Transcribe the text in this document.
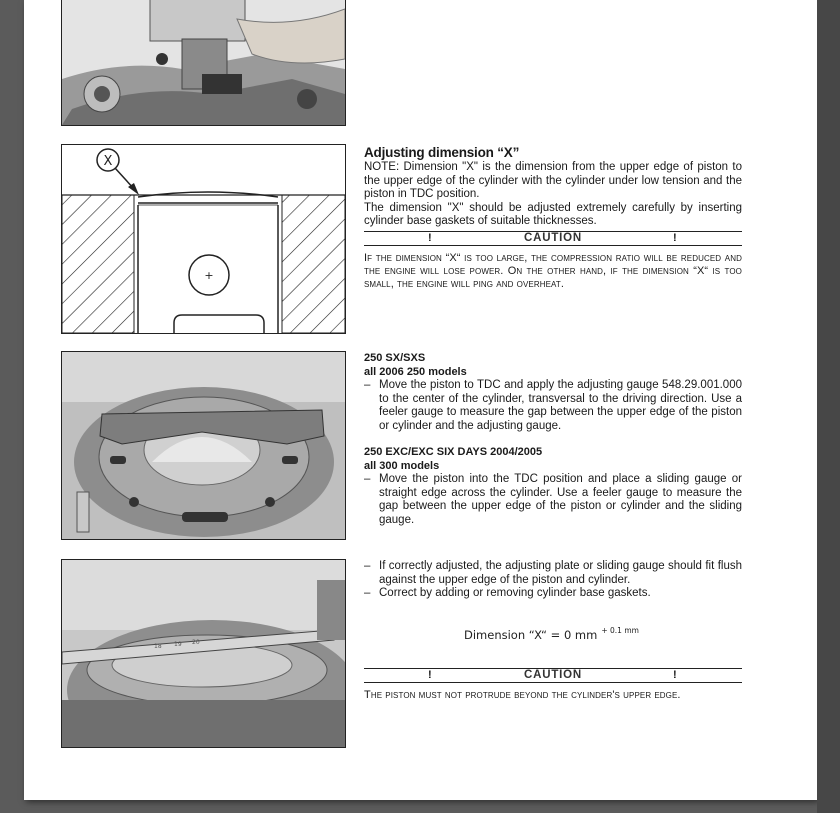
+
X
18 19 20
Adjusting dimension “X”
NOTE: Dimension "X" is the dimension from the upper edge of piston to the upper edge of the cylinder with the cylinder under low tension and the piston in TDC position.
The dimension "X" should be adjusted extremely carefully by inserting cylinder base gaskets of suitable thicknesses.
!	CAUTION	!
If the dimension “X“ is too large, the compression ratio will be reduced and the engine will lose power. On the other hand, if the dimension “X“ is too small, the engine will ping and overheat.
250 SX/SXS
all 2006 250 models
– Move the piston to TDC and apply the adjusting gauge 548.29.001.000 to the center of the cylinder, transversal to the driving direction. Use a feeler gauge to measure the gap between the upper edge of the piston or cylinder and the adjusting gauge.
250 EXC/EXC SIX DAYS 2004/2005
all 300 models
– Move the piston into the TDC position and place a sliding gauge or straight edge across the cylinder. Use a feeler gauge to measure the gap between the upper edge of the piston or cylinder and the sliding gauge.
– If correctly adjusted, the adjusting plate or sliding gauge should fit flush against the upper edge of the piston and cylinder.
– Correct by adding or removing cylinder base gaskets.
Dimension “X“ = 0 mm $^{+ 0.1 mm}$
!	CAUTION	!
The piston must not protrude beyond the cylinder's upper edge.
